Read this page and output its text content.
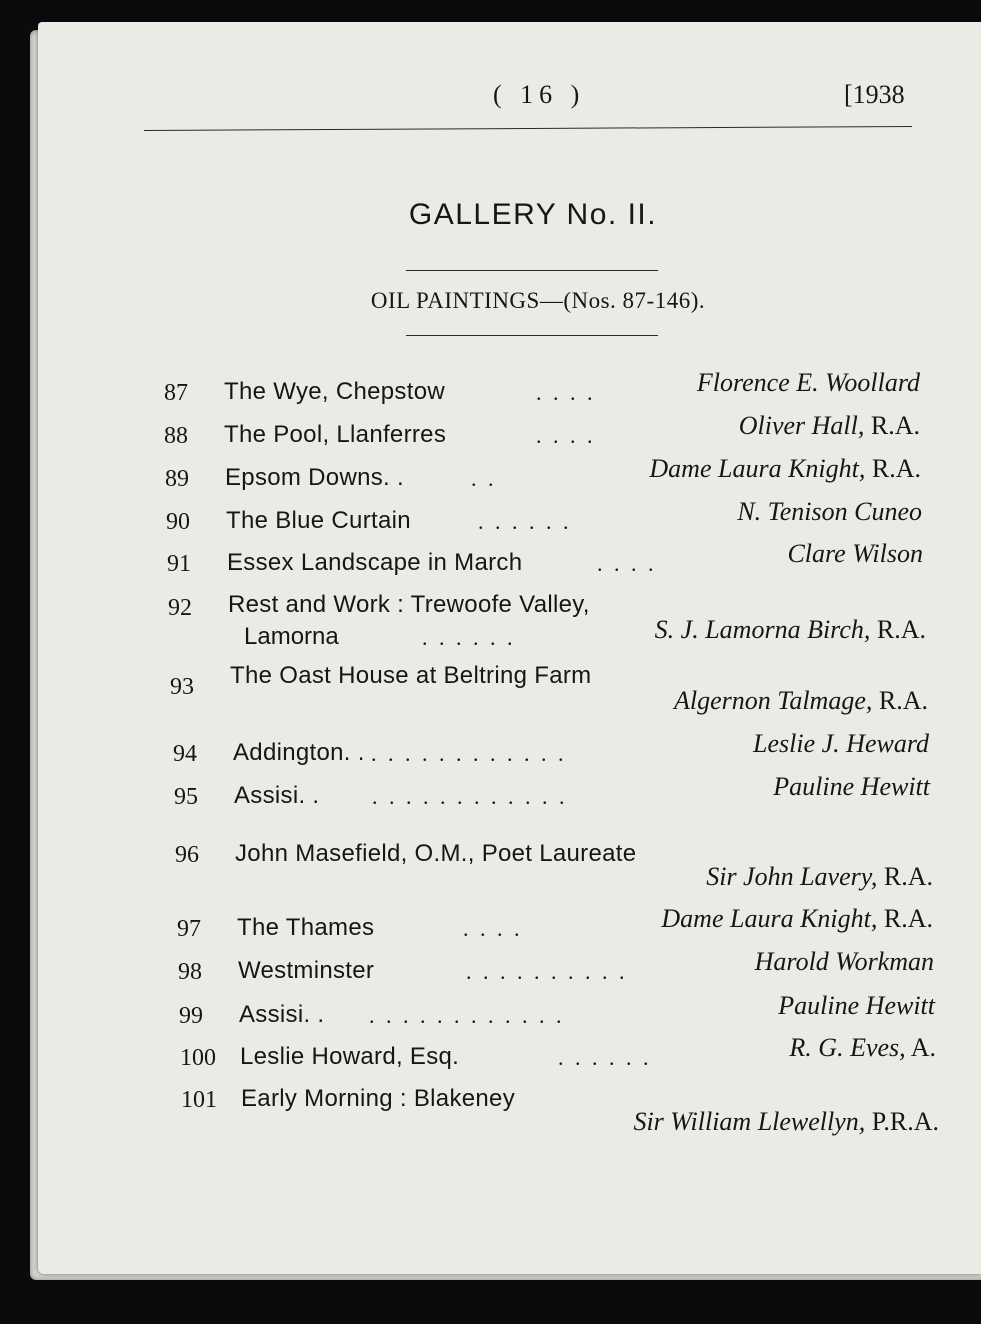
( 16 )	[1938
GALLERY No. II.
OIL PAINTINGS—(Nos. 87-146).
87 The Wye, Chepstow	. . . .	Florence E. Woollard
88 The Pool, Llanferres	. . . .	Oliver Hall, R.A.
89 Epsom Downs. .	. .	Dame Laura Knight, R.A.
90 The Blue Curtain	. . . . . .	N. Tenison Cuneo
91 Essex Landscape in March	. . . .	Clare Wilson
92 Rest and Work : Trewoofe Valley,
Lamorna	. . . . . .	S. J. Lamorna Birch, R.A.
93 The Oast House at Beltring Farm
Algernon Talmage, R.A.
94 Addington. . . . . . . . . . . . . .	Leslie J. Heward
95 Assisi. . . . . . . . . . . . . .	Pauline Hewitt
96 John Masefield, O.M., Poet Laureate
Sir John Lavery, R.A.
97 The Thames	. . . .	Dame Laura Knight, R.A.
98 Westminster	. . . . . . . . . .	Harold Workman
99 Assisi. . . . . . . . . . . . . .	Pauline Hewitt
100 Leslie Howard, Esq.	. . . . . .	R. G. Eves, A.
101 Early Morning : Blakeney
Sir William Llewellyn, P.R.A.
